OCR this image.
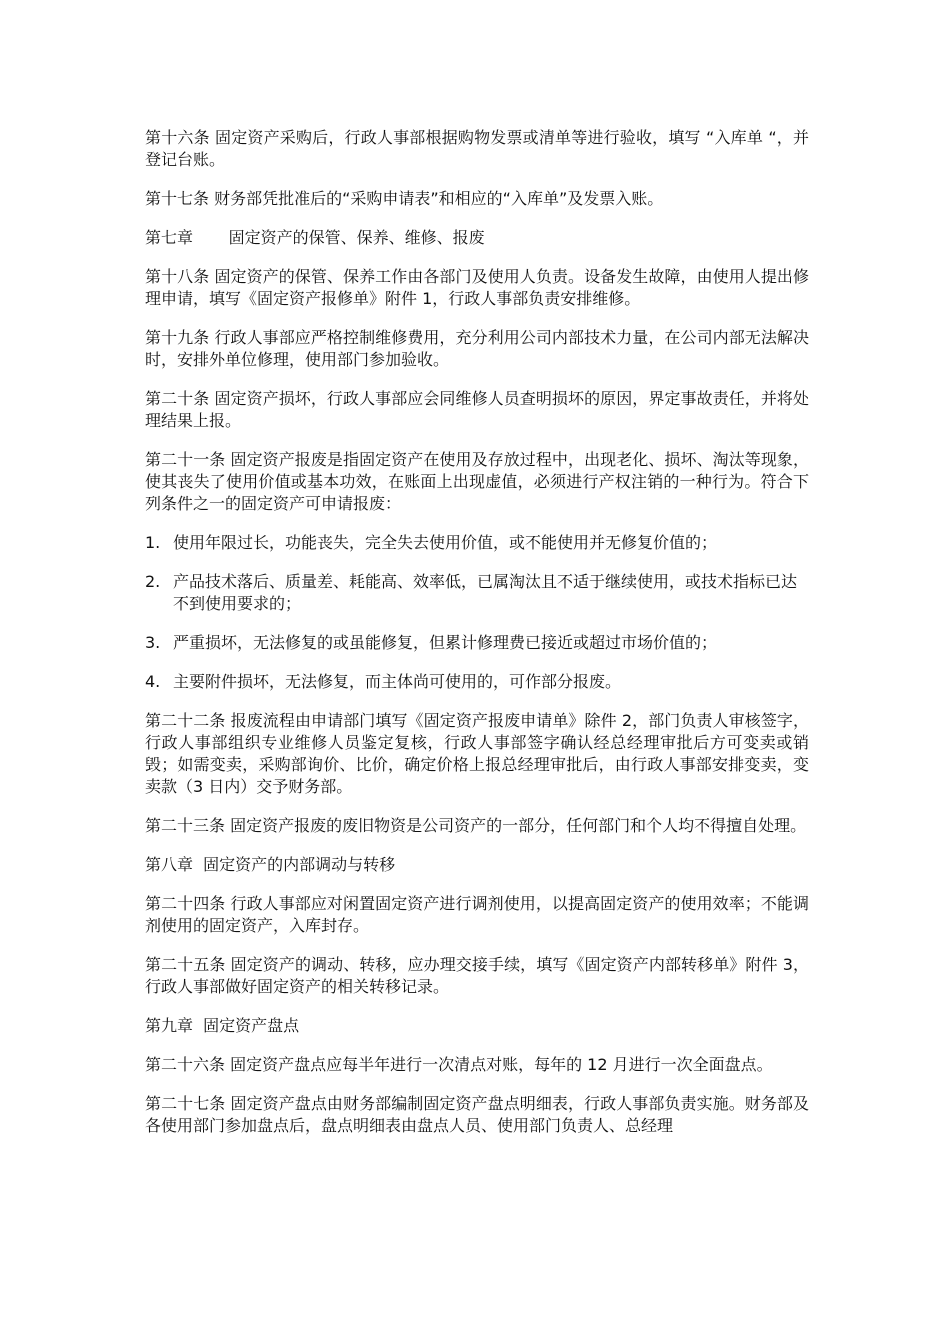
第十六条 固定资产采购后，行政人事部根据购物发票或清单等进行验收，填写 “入库单 “，并登记台账。

第十七条 财务部凭批准后的“采购申请表”和相应的“入库单”及发票入账。

第七章       固定资产的保管、保养、维修、报废

第十八条 固定资产的保管、保养工作由各部门及使用人负责。设备发生故障，由使用人提出修理申请，填写《固定资产报修单》附件 1，行政人事部负责安排维修。

第十九条 行政人事部应严格控制维修费用，充分利用公司内部技术力量，在公司内部无法解决时，安排外单位修理，使用部门参加验收。

第二十条 固定资产损坏，行政人事部应会同维修人员查明损坏的原因，界定事故责任，并将处理结果上报。

第二十一条 固定资产报废是指固定资产在使用及存放过程中，出现老化、损坏、淘汰等现象，使其丧失了使用价值或基本功效，在账面上出现虚值，必须进行产权注销的一种行为。符合下列条件之一的固定资产可申请报废：

1. 使用年限过长，功能丧失，完全失去使用价值，或不能使用并无修复价值的；

2. 产品技术落后、质量差、耗能高、效率低，已属淘汰且不适于继续使用，或技术指标已达不到使用要求的；

3. 严重损坏，无法修复的或虽能修复，但累计修理费已接近或超过市场价值的；

4. 主要附件损坏，无法修复，而主体尚可使用的，可作部分报废。

第二十二条 报废流程由申请部门填写《固定资产报废申请单》除件 2，部门负责人审核签字，行政人事部组织专业维修人员鉴定复核，行政人事部签字确认经总经理审批后方可变卖或销毁；如需变卖，采购部询价、比价，确定价格上报总经理审批后，由行政人事部安排变卖，变卖款（3 日内）交予财务部。

第二十三条 固定资产报废的废旧物资是公司资产的一部分，任何部门和个人均不得擅自处理。

第八章  固定资产的内部调动与转移

第二十四条 行政人事部应对闲置固定资产进行调剂使用，以提高固定资产的使用效率；不能调剂使用的固定资产，入库封存。

第二十五条 固定资产的调动、转移，应办理交接手续，填写《固定资产内部转移单》附件 3，行政人事部做好固定资产的相关转移记录。

第九章  固定资产盘点

第二十六条 固定资产盘点应每半年进行一次清点对账，每年的 12 月进行一次全面盘点。

第二十七条 固定资产盘点由财务部编制固定资产盘点明细表，行政人事部负责实施。财务部及各使用部门参加盘点后，盘点明细表由盘点人员、使用部门负责人、总经理
